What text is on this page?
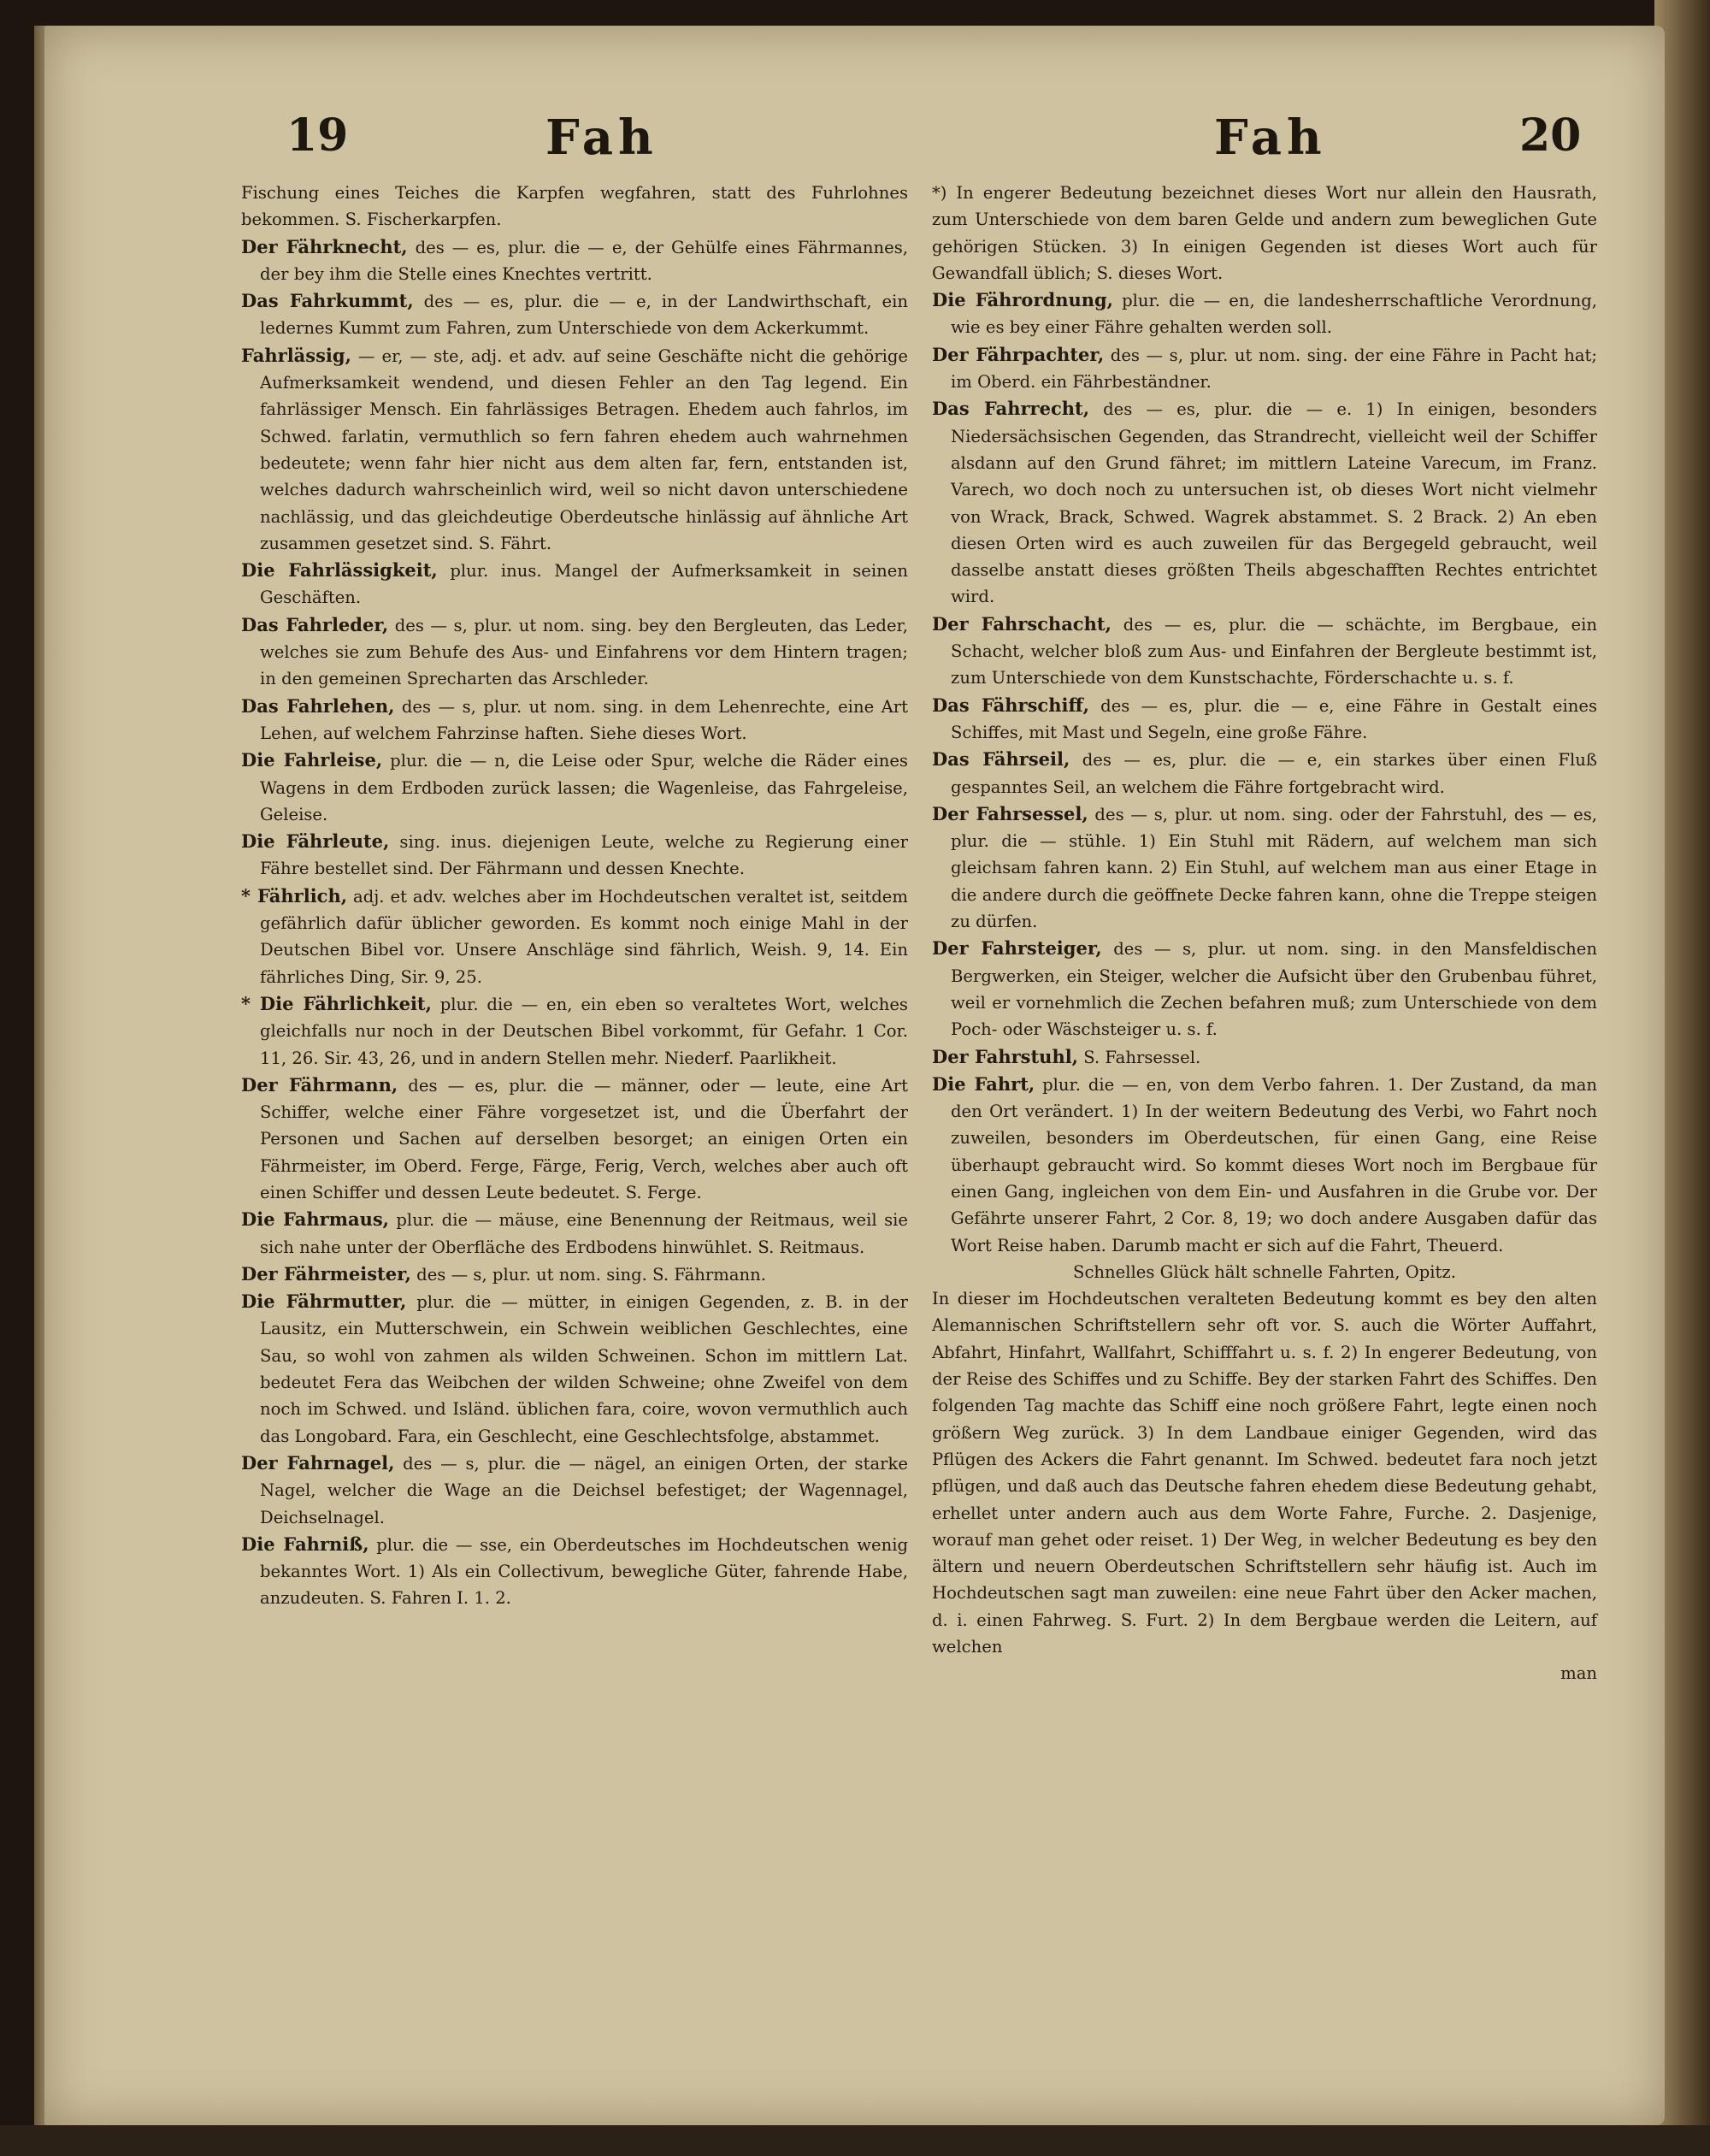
19	Fah	Fah	20

Fischung eines Teiches die Karpfen wegfahren, statt des Fuhrlohnes bekommen. S. Fischerkarpfen.

Der Fährknecht, des — es, plur. die — e, der Gehülfe eines Fährmannes, der bey ihm die Stelle eines Knechtes vertritt.

Das Fahrkummt, des — es, plur. die — e, in der Landwirthschaft, ein ledernes Kummt zum Fahren, zum Unterschiede von dem Ackerkummt.

Fahrlässig, — er, — ste, adj. et adv. auf seine Geschäfte nicht die gehörige Aufmerksamkeit wendend, und diesen Fehler an den Tag legend. Ein fahrlässiger Mensch. Ein fahrlässiges Betragen. Ehedem auch fahrlos, im Schwed. farlatin, vermuthlich so fern fahren ehedem auch wahrnehmen bedeutete; wenn fahr hier nicht aus dem alten far, fern, entstanden ist, welches dadurch wahrscheinlich wird, weil so nicht davon unterschiedene nachlässig, und das gleichdeutige Oberdeutsche hinlässig auf ähnliche Art zusammen gesetzet sind. S. Fährt.

Die Fahrlässigkeit, plur. inus. Mangel der Aufmerksamkeit in seinen Geschäften.

Das Fahrleder, des — s, plur. ut nom. sing. bey den Bergleuten, das Leder, welches sie zum Behufe des Aus- und Einfahrens vor dem Hintern tragen; in den gemeinen Sprecharten das Arschleder.

Das Fahrlehen, des — s, plur. ut nom. sing. in dem Lehenrechte, eine Art Lehen, auf welchem Fahrzinse haften. Siehe dieses Wort.

Die Fahrleise, plur. die — n, die Leise oder Spur, welche die Räder eines Wagens in dem Erdboden zurück lassen; die Wagenleise, das Fahrgeleise, Geleise.

Die Fährleute, sing. inus. diejenigen Leute, welche zu Regierung einer Fähre bestellet sind. Der Fährmann und dessen Knechte.

* Fährlich, adj. et adv. welches aber im Hochdeutschen veraltet ist, seitdem gefährlich dafür üblicher geworden. Es kommt noch einige Mahl in der Deutschen Bibel vor. Unsere Anschläge sind fährlich, Weish. 9, 14. Ein fährliches Ding, Sir. 9, 25.

* Die Fährlichkeit, plur. die — en, ein eben so veraltetes Wort, welches gleichfalls nur noch in der Deutschen Bibel vorkommt, für Gefahr. 1 Cor. 11, 26. Sir. 43, 26, und in andern Stellen mehr. Niederf. Paarlikheit.

Der Fährmann, des — es, plur. die — männer, oder — leute, eine Art Schiffer, welche einer Fähre vorgesetzet ist, und die Überfahrt der Personen und Sachen auf derselben besorget; an einigen Orten ein Fährmeister, im Oberd. Ferge, Färge, Ferig, Verch, welches aber auch oft einen Schiffer und dessen Leute bedeutet. S. Ferge.

Die Fahrmaus, plur. die — mäuse, eine Benennung der Reitmaus, weil sie sich nahe unter der Oberfläche des Erdbodens hinwühlet. S. Reitmaus.

Der Fährmeister, des — s, plur. ut nom. sing. S. Fährmann.

Die Fährmutter, plur. die — mütter, in einigen Gegenden, z. B. in der Lausitz, ein Mutterschwein, ein Schwein weiblichen Geschlechtes, eine Sau, so wohl von zahmen als wilden Schweinen. Schon im mittlern Lat. bedeutet Fera das Weibchen der wilden Schweine; ohne Zweifel von dem noch im Schwed. und Isländ. üblichen fara, coire, wovon vermuthlich auch das Longobard. Fara, ein Geschlecht, eine Geschlechtsfolge, abstammet.

Der Fahrnagel, des — s, plur. die — nägel, an einigen Orten, der starke Nagel, welcher die Wage an die Deichsel befestiget; der Wagennagel, Deichselnagel.

Die Fahrniß, plur. die — sse, ein Oberdeutsches im Hochdeutschen wenig bekanntes Wort. 1) Als ein Collectivum, bewegliche Güter, fahrende Habe, anzudeuten. S. Fahren I. 1. 2.

*) In engerer Bedeutung bezeichnet dieses Wort nur allein den Hausrath, zum Unterschiede von dem baren Gelde und andern zum beweglichen Gute gehörigen Stücken. 3) In einigen Gegenden ist dieses Wort auch für Gewandfall üblich; S. dieses Wort.

Die Fährordnung, plur. die — en, die landesherrschaftliche Verordnung, wie es bey einer Fähre gehalten werden soll.

Der Fährpachter, des — s, plur. ut nom. sing. der eine Fähre in Pacht hat; im Oberd. ein Fährbeständner.

Das Fahrrecht, des — es, plur. die — e. 1) In einigen, besonders Niedersächsischen Gegenden, das Strandrecht, vielleicht weil der Schiffer alsdann auf den Grund fähret; im mittlern Lateine Varecum, im Franz. Varech, wo doch noch zu untersuchen ist, ob dieses Wort nicht vielmehr von Wrack, Brack, Schwed. Wagrek abstammet. S. 2 Brack. 2) An eben diesen Orten wird es auch zuweilen für das Bergegeld gebraucht, weil dasselbe anstatt dieses größten Theils abgeschafften Rechtes entrichtet wird.

Der Fahrschacht, des — es, plur. die — schächte, im Bergbaue, ein Schacht, welcher bloß zum Aus- und Einfahren der Bergleute bestimmt ist, zum Unterschiede von dem Kunstschachte, Förderschachte u. s. f.

Das Fährschiff, des — es, plur. die — e, eine Fähre in Gestalt eines Schiffes, mit Mast und Segeln, eine große Fähre.

Das Fährseil, des — es, plur. die — e, ein starkes über einen Fluß gespanntes Seil, an welchem die Fähre fortgebracht wird.

Der Fahrsessel, des — s, plur. ut nom. sing. oder der Fahrstuhl, des — es, plur. die — stühle. 1) Ein Stuhl mit Rädern, auf welchem man sich gleichsam fahren kann. 2) Ein Stuhl, auf welchem man aus einer Etage in die andere durch die geöffnete Decke fahren kann, ohne die Treppe steigen zu dürfen.

Der Fahrsteiger, des — s, plur. ut nom. sing. in den Mansfeldischen Bergwerken, ein Steiger, welcher die Aufsicht über den Grubenbau führet, weil er vornehmlich die Zechen befahren muß; zum Unterschiede von dem Poch- oder Wäschsteiger u. s. f.

Der Fahrstuhl, S. Fahrsessel.

Die Fahrt, plur. die — en, von dem Verbo fahren. 1. Der Zustand, da man den Ort verändert. 1) In der weitern Bedeutung des Verbi, wo Fahrt noch zuweilen, besonders im Oberdeutschen, für einen Gang, eine Reise überhaupt gebraucht wird. So kommt dieses Wort noch im Bergbaue für einen Gang, ingleichen von dem Ein- und Ausfahren in die Grube vor. Der Gefährte unserer Fahrt, 2 Cor. 8, 19; wo doch andere Ausgaben dafür das Wort Reise haben. Darumb macht er sich auf die Fahrt, Theuerd.

Schnelles Glück hält schnelle Fahrten, Opitz.

In dieser im Hochdeutschen veralteten Bedeutung kommt es bey den alten Alemannischen Schriftstellern sehr oft vor. S. auch die Wörter Auffahrt, Abfahrt, Hinfahrt, Wallfahrt, Schifffahrt u. s. f. 2) In engerer Bedeutung, von der Reise des Schiffes und zu Schiffe. Bey der starken Fahrt des Schiffes. Den folgenden Tag machte das Schiff eine noch größere Fahrt, legte einen noch größern Weg zurück. 3) In dem Landbaue einiger Gegenden, wird das Pflügen des Ackers die Fahrt genannt. Im Schwed. bedeutet fara noch jetzt pflügen, und daß auch das Deutsche fahren ehedem diese Bedeutung gehabt, erhellet unter andern auch aus dem Worte Fahre, Furche. 2. Dasjenige, worauf man gehet oder reiset. 1) Der Weg, in welcher Bedeutung es bey den ältern und neuern Oberdeutschen Schriftstellern sehr häufig ist. Auch im Hochdeutschen sagt man zuweilen: eine neue Fahrt über den Acker machen, d. i. einen Fahrweg. S. Furt. 2) In dem Bergbaue werden die Leitern, auf welchen

man
